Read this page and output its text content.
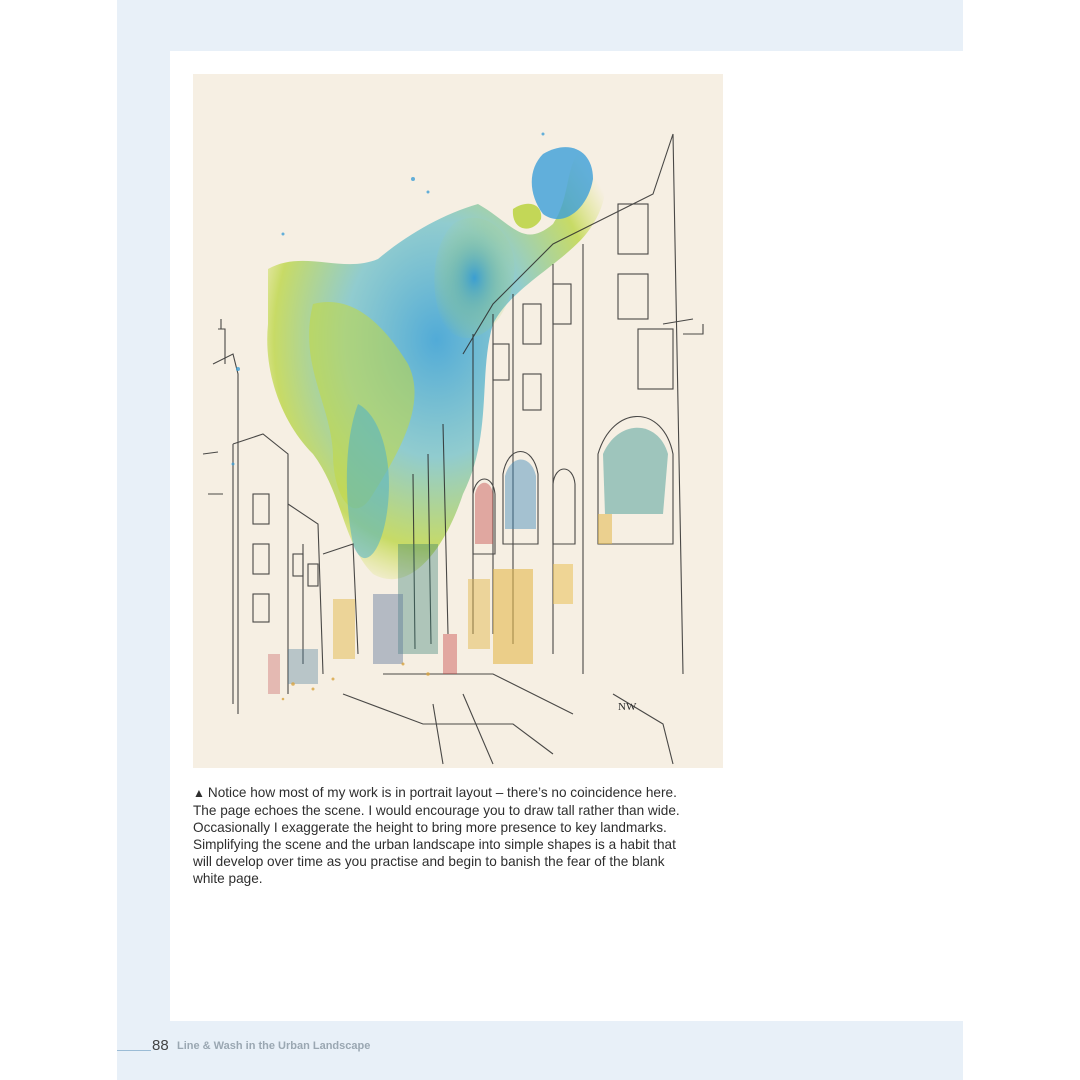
NW
▲ Notice how most of my work is in portrait layout – there’s no coincidence here. The page echoes the scene. I would encourage you to draw tall rather than wide. Occasionally I exaggerate the height to bring more presence to key landmarks. Simplifying the scene and the urban landscape into simple shapes is a habit that will develop over time as you practise and begin to banish the fear of the blank white page.
88 Line & Wash in the Urban Landscape
